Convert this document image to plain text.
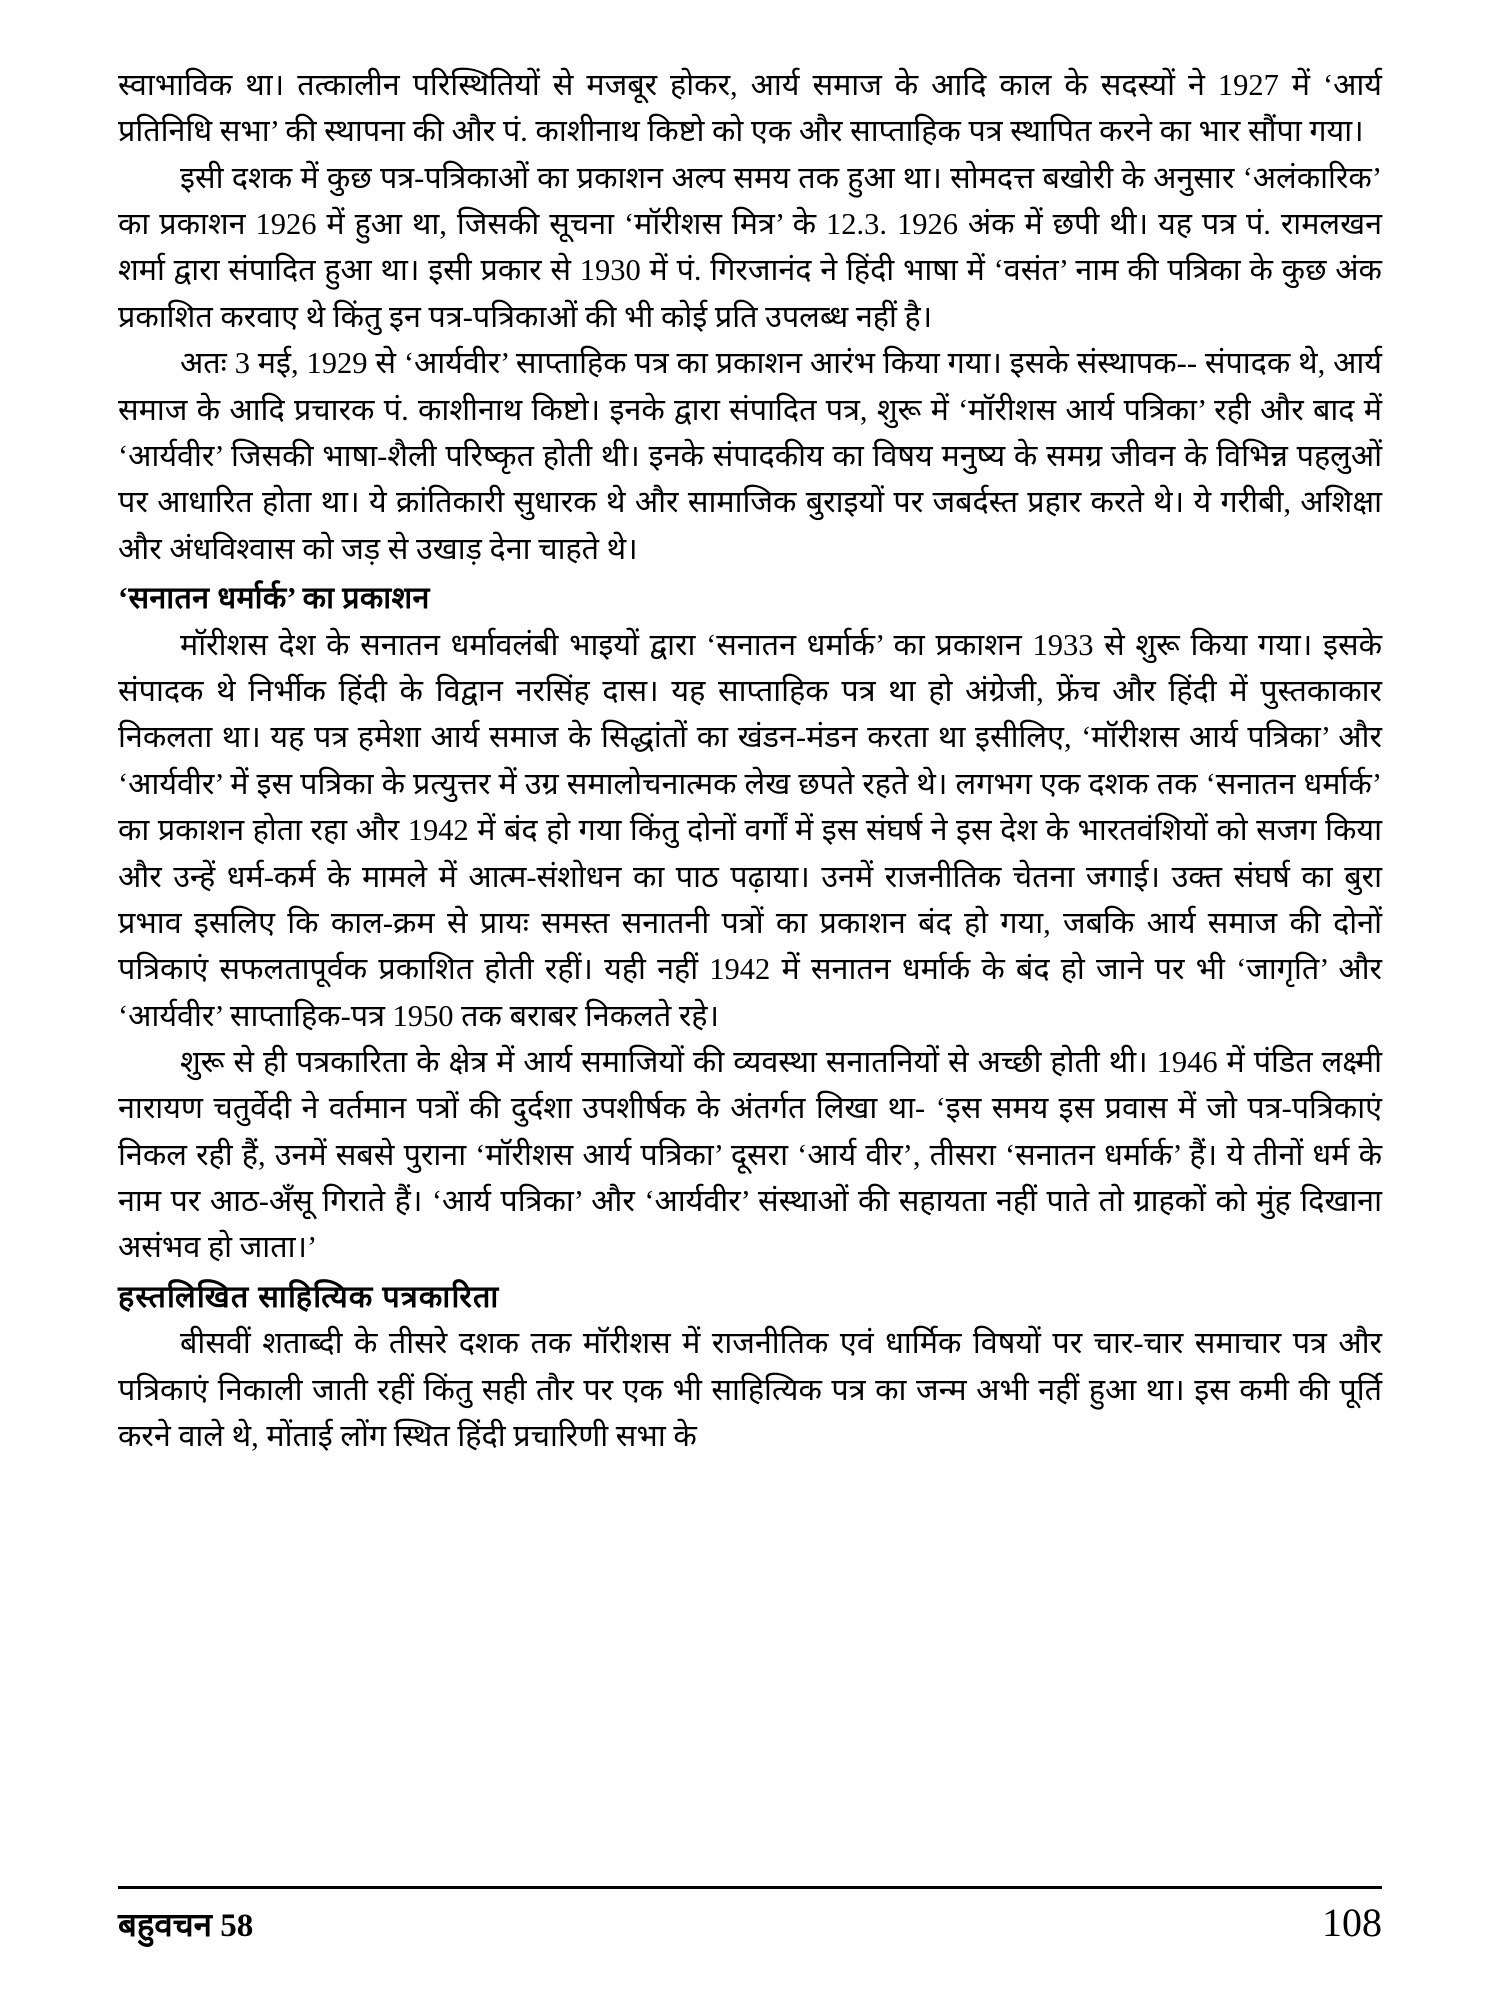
स्वाभाविक था। तत्कालीन परिस्थितियों से मजबूर होकर, आर्य समाज के आदि काल के सदस्यों ने 1927 में ‘आर्य प्रतिनिधि सभा’ की स्थापना की और पं. काशीनाथ किष्टो को एक और साप्ताहिक पत्र स्थापित करने का भार सौंपा गया।

इसी दशक में कुछ पत्र-पत्रिकाओं का प्रकाशन अल्प समय तक हुआ था। सोमदत्त बखोरी के अनुसार ‘अलंकारिक’ का प्रकाशन 1926 में हुआ था, जिसकी सूचना ‘मॉरीशस मित्र’ के 12.3. 1926 अंक में छपी थी। यह पत्र पं. रामलखन शर्मा द्वारा संपादित हुआ था। इसी प्रकार से 1930 में पं. गिरजानंद ने हिंदी भाषा में ‘वसंत’ नाम की पत्रिका के कुछ अंक प्रकाशित करवाए थे किंतु इन पत्र-पत्रिकाओं की भी कोई प्रति उपलब्ध नहीं है।

अतः 3 मई, 1929 से ‘आर्यवीर’ साप्ताहिक पत्र का प्रकाशन आरंभ किया गया। इसके संस्थापक-- संपादक थे, आर्य समाज के आदि प्रचारक पं. काशीनाथ किष्टो। इनके द्वारा संपादित पत्र, शुरू में ‘मॉरीशस आर्य पत्रिका’ रही और बाद में ‘आर्यवीर’ जिसकी भाषा-शैली परिष्कृत होती थी। इनके संपादकीय का विषय मनुष्य के समग्र जीवन के विभिन्न पहलुओं पर आधारित होता था। ये क्रांतिकारी सुधारक थे और सामाजिक बुराइयों पर जबर्दस्त प्रहार करते थे। ये गरीबी, अशिक्षा और अंधविश्वास को जड़ से उखाड़ देना चाहते थे।

‘सनातन धर्मार्क’ का प्रकाशन

मॉरीशस देश के सनातन धर्मावलंबी भाइयों द्वारा ‘सनातन धर्मार्क’ का प्रकाशन 1933 से शुरू किया गया। इसके संपादक थे निर्भीक हिंदी के विद्वान नरसिंह दास। यह साप्ताहिक पत्र था हो अंग्रेजी, फ्रेंच और हिंदी में पुस्तकाकार निकलता था। यह पत्र हमेशा आर्य समाज के सिद्धांतों का खंडन-मंडन करता था इसीलिए, ‘मॉरीशस आर्य पत्रिका’ और ‘आर्यवीर’ में इस पत्रिका के प्रत्युत्तर में उग्र समालोचनात्मक लेख छपते रहते थे। लगभग एक दशक तक ‘सनातन धर्मार्क’ का प्रकाशन होता रहा और 1942 में बंद हो गया किंतु दोनों वर्गों में इस संघर्ष ने इस देश के भारतवंशियों को सजग किया और उन्हें धर्म-कर्म के मामले में आत्म-संशोधन का पाठ पढ़ाया। उनमें राजनीतिक चेतना जगाई। उक्त संघर्ष का बुरा प्रभाव इसलिए कि काल-क्रम से प्रायः समस्त सनातनी पत्रों का प्रकाशन बंद हो गया, जबकि आर्य समाज की दोनों पत्रिकाएं सफलतापूर्वक प्रकाशित होती रहीं। यही नहीं 1942 में सनातन धर्मार्क के बंद हो जाने पर भी ‘जागृति’ और ‘आर्यवीर’ साप्ताहिक-पत्र 1950 तक बराबर निकलते रहे।

शुरू से ही पत्रकारिता के क्षेत्र में आर्य समाजियों की व्यवस्था सनातनियों से अच्छी होती थी। 1946 में पंडित लक्ष्मी नारायण चतुर्वेदी ने वर्तमान पत्रों की दुर्दशा उपशीर्षक के अंतर्गत लिखा था- ‘इस समय इस प्रवास में जो पत्र-पत्रिकाएं निकल रही हैं, उनमें सबसे पुराना ‘मॉरीशस आर्य पत्रिका’ दूसरा ‘आर्य वीर’, तीसरा ‘सनातन धर्मार्क’ हैं। ये तीनों धर्म के नाम पर आठ-अँसू गिराते हैं। ‘आर्य पत्रिका’ और ‘आर्यवीर’ संस्थाओं की सहायता नहीं पाते तो ग्राहकों को मुंह दिखाना असंभव हो जाता।’

हस्तलिखित साहित्यिक पत्रकारिता

बीसवीं शताब्दी के तीसरे दशक तक मॉरीशस में राजनीतिक एवं धार्मिक विषयों पर चार-चार समाचार पत्र और पत्रिकाएं निकाली जाती रहीं किंतु सही तौर पर एक भी साहित्यिक पत्र का जन्म अभी नहीं हुआ था। इस कमी की पूर्ति करने वाले थे, मोंताई लोंग स्थित हिंदी प्रचारिणी सभा के

बहुवचन 58	108
